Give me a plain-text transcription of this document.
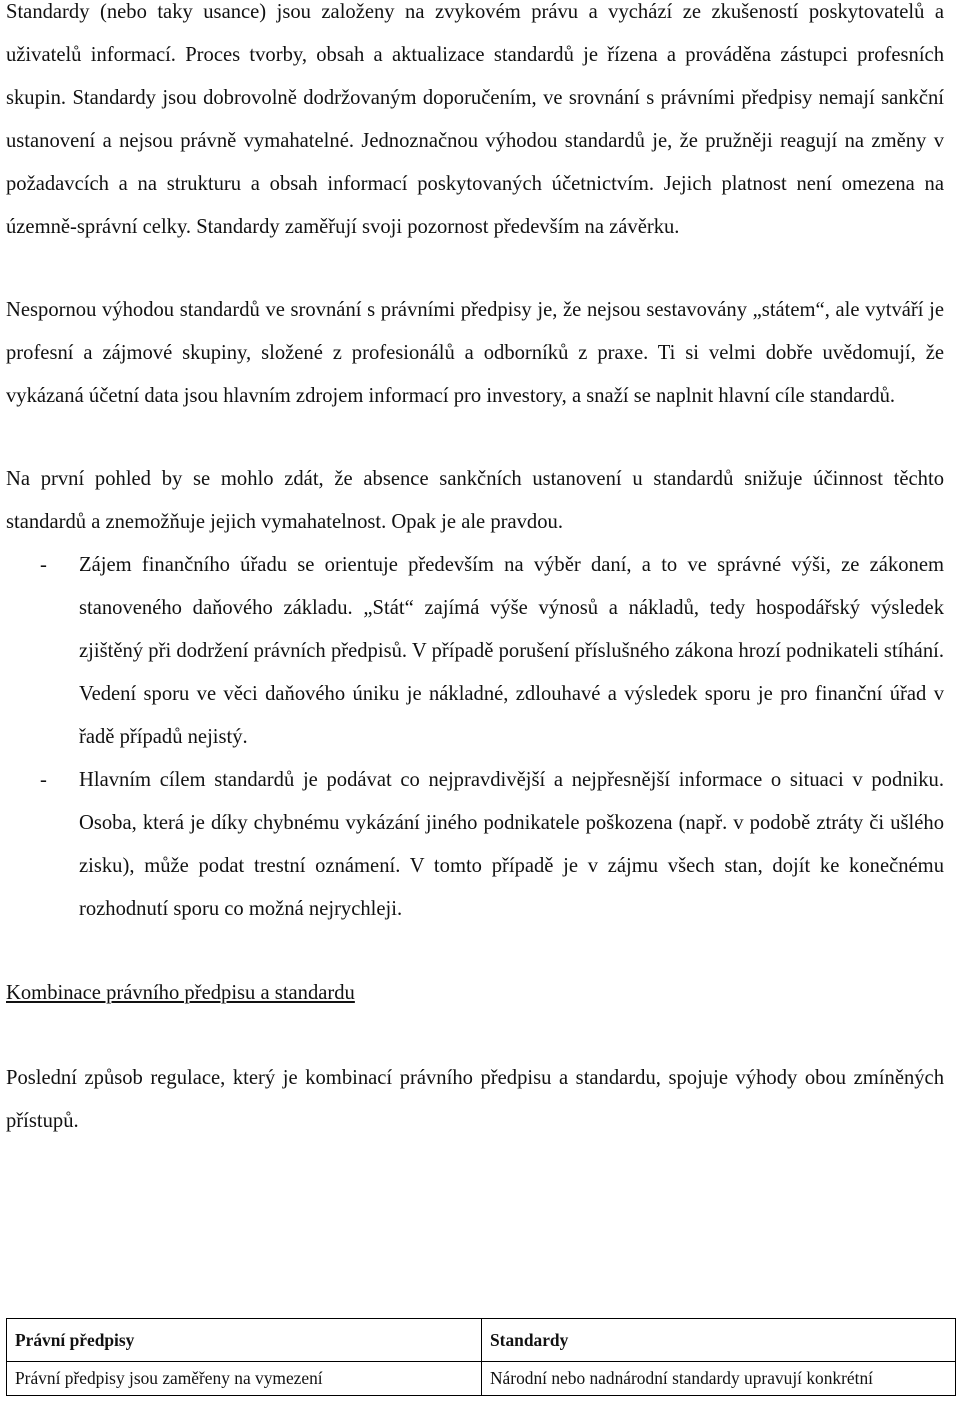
Standardy (nebo taky usance) jsou založeny na zvykovém právu a vychází ze zkušeností poskytovatelů a uživatelů informací. Proces tvorby, obsah a aktualizace standardů je řízena a prováděna zástupci profesních skupin. Standardy jsou dobrovolně dodržovaným doporučením, ve srovnání s právními předpisy nemají sankční ustanovení a nejsou právně vymahatelné. Jednoznačnou výhodou standardů je, že pružněji reagují na změny v požadavcích a na strukturu a obsah informací poskytovaných účetnictvím. Jejich platnost není omezena na územně-správní celky. Standardy zaměřují svoji pozornost především na závěrku.

Nespornou výhodou standardů ve srovnání s právními předpisy je, že nejsou sestavovány „státem“, ale vytváří je profesní a zájmové skupiny, složené z profesionálů a odborníků z praxe. Ti si velmi dobře uvědomují, že vykázaná účetní data jsou hlavním zdrojem informací pro investory, a snaží se naplnit hlavní cíle standardů.

Na první pohled by se mohlo zdát, že absence sankčních ustanovení u standardů snižuje účinnost těchto standardů a znemožňuje jejich vymahatelnost. Opak je ale pravdou.

- Zájem finančního úřadu se orientuje především na výběr daní, a to ve správné výši, ze zákonem stanoveného daňového základu. „Stát“ zajímá výše výnosů a nákladů, tedy hospodářský výsledek zjištěný při dodržení právních předpisů. V případě porušení příslušného zákona hrozí podnikateli stíhání. Vedení sporu ve věci daňového úniku je nákladné, zdlouhavé a výsledek sporu je pro finanční úřad v řadě případů nejistý.
- Hlavním cílem standardů je podávat co nejpravdivější a nejpřesnější informace o situaci v podniku. Osoba, která je díky chybnému vykázání jiného podnikatele poškozena (např. v podobě ztráty či ušlého zisku), může podat trestní oznámení. V tomto případě je v zájmu všech stan, dojít ke konečnému rozhodnutí sporu co možná nejrychleji.

Kombinace právního předpisu a standardu

Poslední způsob regulace, který je kombinací právního předpisu a standardu, spojuje výhody obou zmíněných přístupů.

Právní předpisy	Standardy
Právní předpisy jsou zaměřeny na vymezení	Národní nebo nadnárodní standardy upravují konkrétní
